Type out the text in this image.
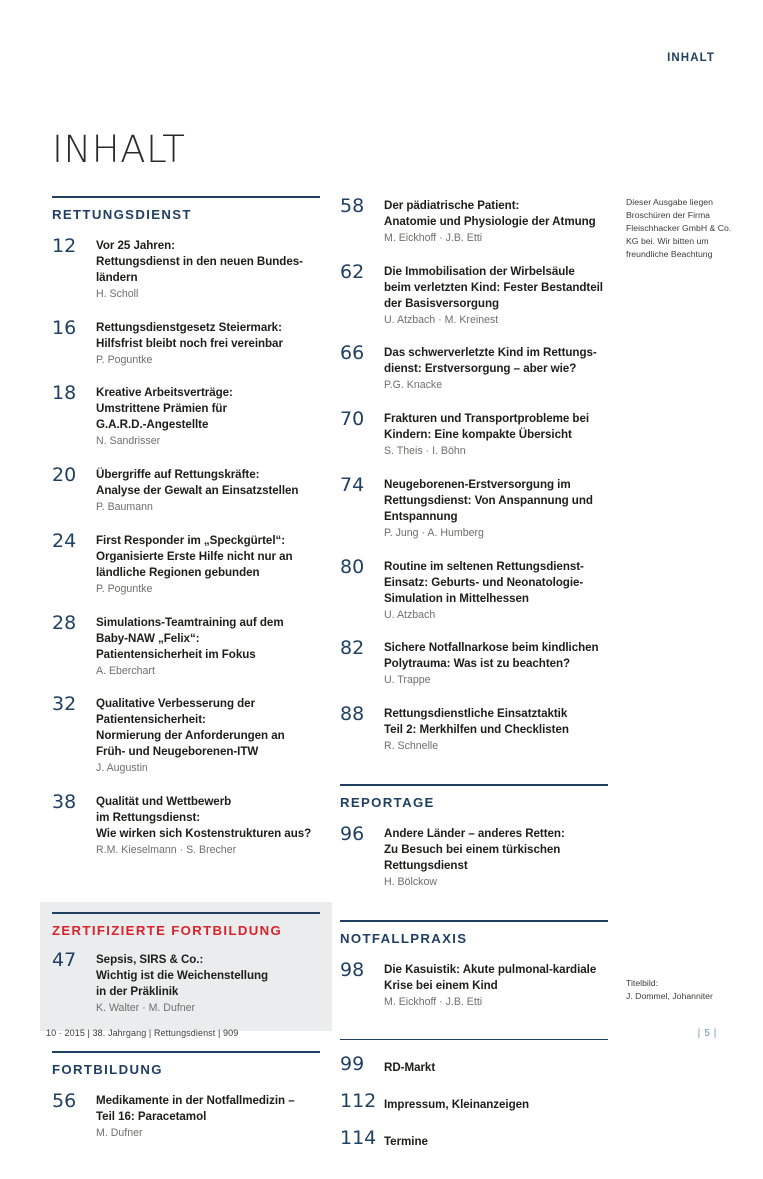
INHALT
INHALT
RETTUNGSDIENST
12	Vor 25 Jahren:
Rettungsdienst in den neuen Bundes-
ländern
H. Scholl
16	Rettungsdienstgesetz Steiermark:
Hilfsfrist bleibt noch frei vereinbar
P. Poguntke
18	Kreative Arbeitsverträge:
Umstrittene Prämien für
G.A.R.D.-Angestellte
N. Sandrisser
20	Übergriffe auf Rettungskräfte:
Analyse der Gewalt an Einsatzstellen
P. Baumann
24	First Responder im „Speckgürtel“:
Organisierte Erste Hilfe nicht nur an
ländliche Regionen gebunden
P. Poguntke
28	Simulations-Teamtraining auf dem
Baby-NAW „Felix“:
Patientensicherheit im Fokus
A. Eberchart
32	Qualitative Verbesserung der
Patientensicherheit:
Normierung der Anforderungen an
Früh- und Neugeborenen-ITW
J. Augustin
38	Qualität und Wettbewerb
im Rettungsdienst:
Wie wirken sich Kostenstrukturen aus?
R.M. Kieselmann · S. Brecher
ZERTIFIZIERTE FORTBILDUNG
47	Sepsis, SIRS & Co.:
Wichtig ist die Weichenstellung
in der Präklinik
K. Walter · M. Dufner
FORTBILDUNG
56	Medikamente in der Notfallmedizin –
Teil 16: Paracetamol
M. Dufner
58	Der pädiatrische Patient:
Anatomie und Physiologie der Atmung
M. Eickhoff · J.B. Etti
62	Die Immobilisation der Wirbelsäule
beim verletzten Kind: Fester Bestandteil
der Basisversorgung
U. Atzbach · M. Kreinest
66	Das schwerverletzte Kind im Rettungs-
dienst: Erstversorgung – aber wie?
P.G. Knacke
70	Frakturen und Transportprobleme bei
Kindern: Eine kompakte Übersicht
S. Theis · I. Böhn
74	Neugeborenen-Erstversorgung im
Rettungsdienst: Von Anspannung und
Entspannung
P. Jung · A. Humberg
80	Routine im seltenen Rettungsdienst-
Einsatz: Geburts- und Neonatologie-
Simulation in Mittelhessen
U. Atzbach
82	Sichere Notfallnarkose beim kindlichen
Polytrauma: Was ist zu beachten?
U. Trappe
88	Rettungsdienstliche Einsatztaktik
Teil 2: Merkhilfen und Checklisten
R. Schnelle
REPORTAGE
96	Andere Länder – anderes Retten:
Zu Besuch bei einem türkischen
Rettungsdienst
H. Bölckow
NOTFALLPRAXIS
98	Die Kasuistik: Akute pulmonal-kardiale
Krise bei einem Kind
M. Eickhoff · J.B. Etti
99	RD-Markt
112 Impressum, Kleinanzeigen
114 Termine
Dieser Ausgabe liegen Broschüren der Firma Fleischhacker GmbH & Co. KG bei. Wir bitten um freundliche Beachtung
Titelbild:
J. Dommel, Johanniter
10 · 2015 | 38. Jahrgang | Rettungsdienst | 909	| 5 |
